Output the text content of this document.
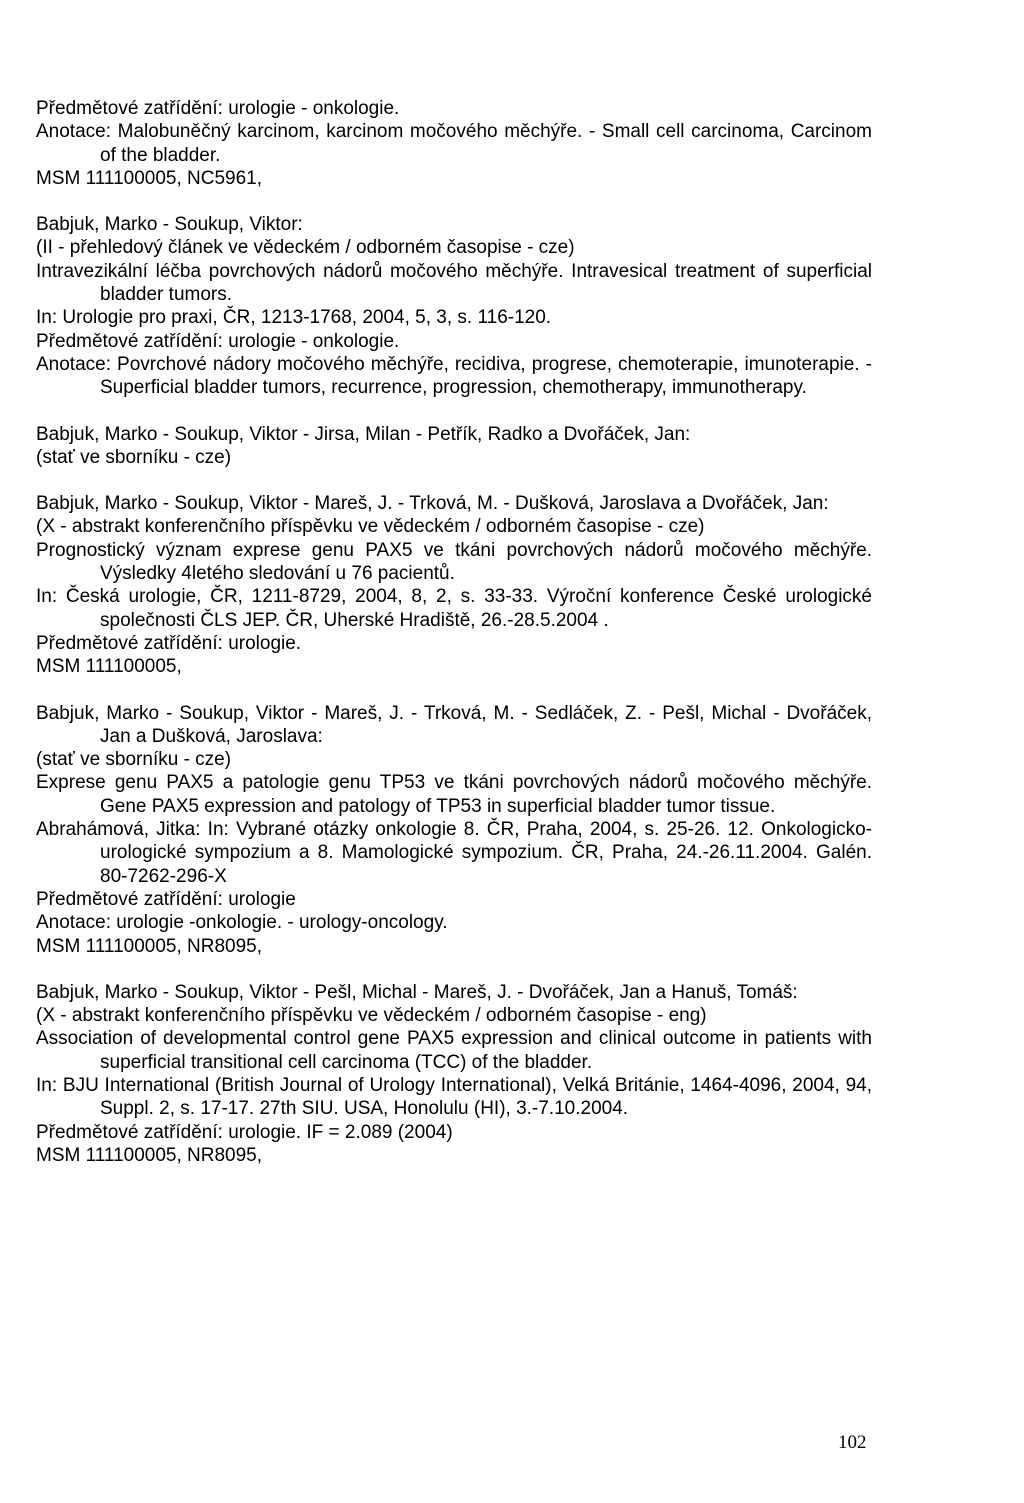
Předmětové zatřídění: urologie - onkologie.
Anotace: Malobuněčný karcinom, karcinom močového měchýře. - Small cell carcinoma, Carcinom of the bladder.
MSM 111100005, NC5961,
Babjuk, Marko - Soukup, Viktor:
(II - přehledový článek ve vědeckém / odborném časopise - cze)
Intravezikální léčba povrchových nádorů močového měchýře. Intravesical treatment of superficial bladder tumors.
In: Urologie pro praxi, ČR, 1213-1768, 2004, 5, 3, s. 116-120.
Předmětové zatřídění: urologie - onkologie.
Anotace: Povrchové nádory močového měchýře, recidiva, progrese, chemoterapie, imunoterapie. - Superficial bladder tumors, recurrence, progression, chemotherapy, immunotherapy.
Babjuk, Marko - Soukup, Viktor - Jirsa, Milan - Petřík, Radko a Dvořáček, Jan:
(stať ve sborníku - cze)
Babjuk, Marko - Soukup, Viktor - Mareš, J. - Trková, M. - Dušková, Jaroslava a Dvořáček, Jan:
(X - abstrakt konferenčního příspěvku ve vědeckém / odborném časopise - cze)
Prognostický význam exprese genu PAX5 ve tkáni povrchových nádorů močového měchýře. Výsledky 4letého sledování u 76 pacientů.
In: Česká urologie, ČR, 1211-8729, 2004, 8, 2, s. 33-33. Výroční konference České urologické společnosti ČLS JEP. ČR, Uherské Hradiště, 26.-28.5.2004 .
Předmětové zatřídění: urologie.
MSM 111100005,
Babjuk, Marko - Soukup, Viktor - Mareš, J. - Trková, M. - Sedláček, Z. - Pešl, Michal - Dvořáček, Jan a Dušková, Jaroslava:
(stať ve sborníku - cze)
Exprese genu PAX5 a patologie genu TP53 ve tkáni povrchových nádorů močového měchýře. Gene PAX5 expression and patology of TP53 in superficial bladder tumor tissue.
Abrahámová, Jitka: In: Vybrané otázky onkologie 8. ČR, Praha, 2004, s. 25-26. 12. Onkologicko-urologické sympozium a 8. Mamologické sympozium. ČR, Praha, 24.-26.11.2004. Galén. 80-7262-296-X
Předmětové zatřídění: urologie
Anotace: urologie -onkologie. - urology-oncology.
MSM 111100005, NR8095,
Babjuk, Marko - Soukup, Viktor - Pešl, Michal - Mareš, J. - Dvořáček, Jan a Hanuš, Tomáš:
(X - abstrakt konferenčního příspěvku ve vědeckém / odborném časopise - eng)
Association of developmental control gene PAX5 expression and clinical outcome in patients with superficial transitional cell carcinoma (TCC) of the bladder.
In: BJU International (British Journal of Urology International), Velká Británie, 1464-4096, 2004, 94, Suppl. 2, s. 17-17. 27th SIU. USA, Honolulu (HI), 3.-7.10.2004.
Předmětové zatřídění: urologie. IF = 2.089 (2004)
MSM 111100005, NR8095,
102
